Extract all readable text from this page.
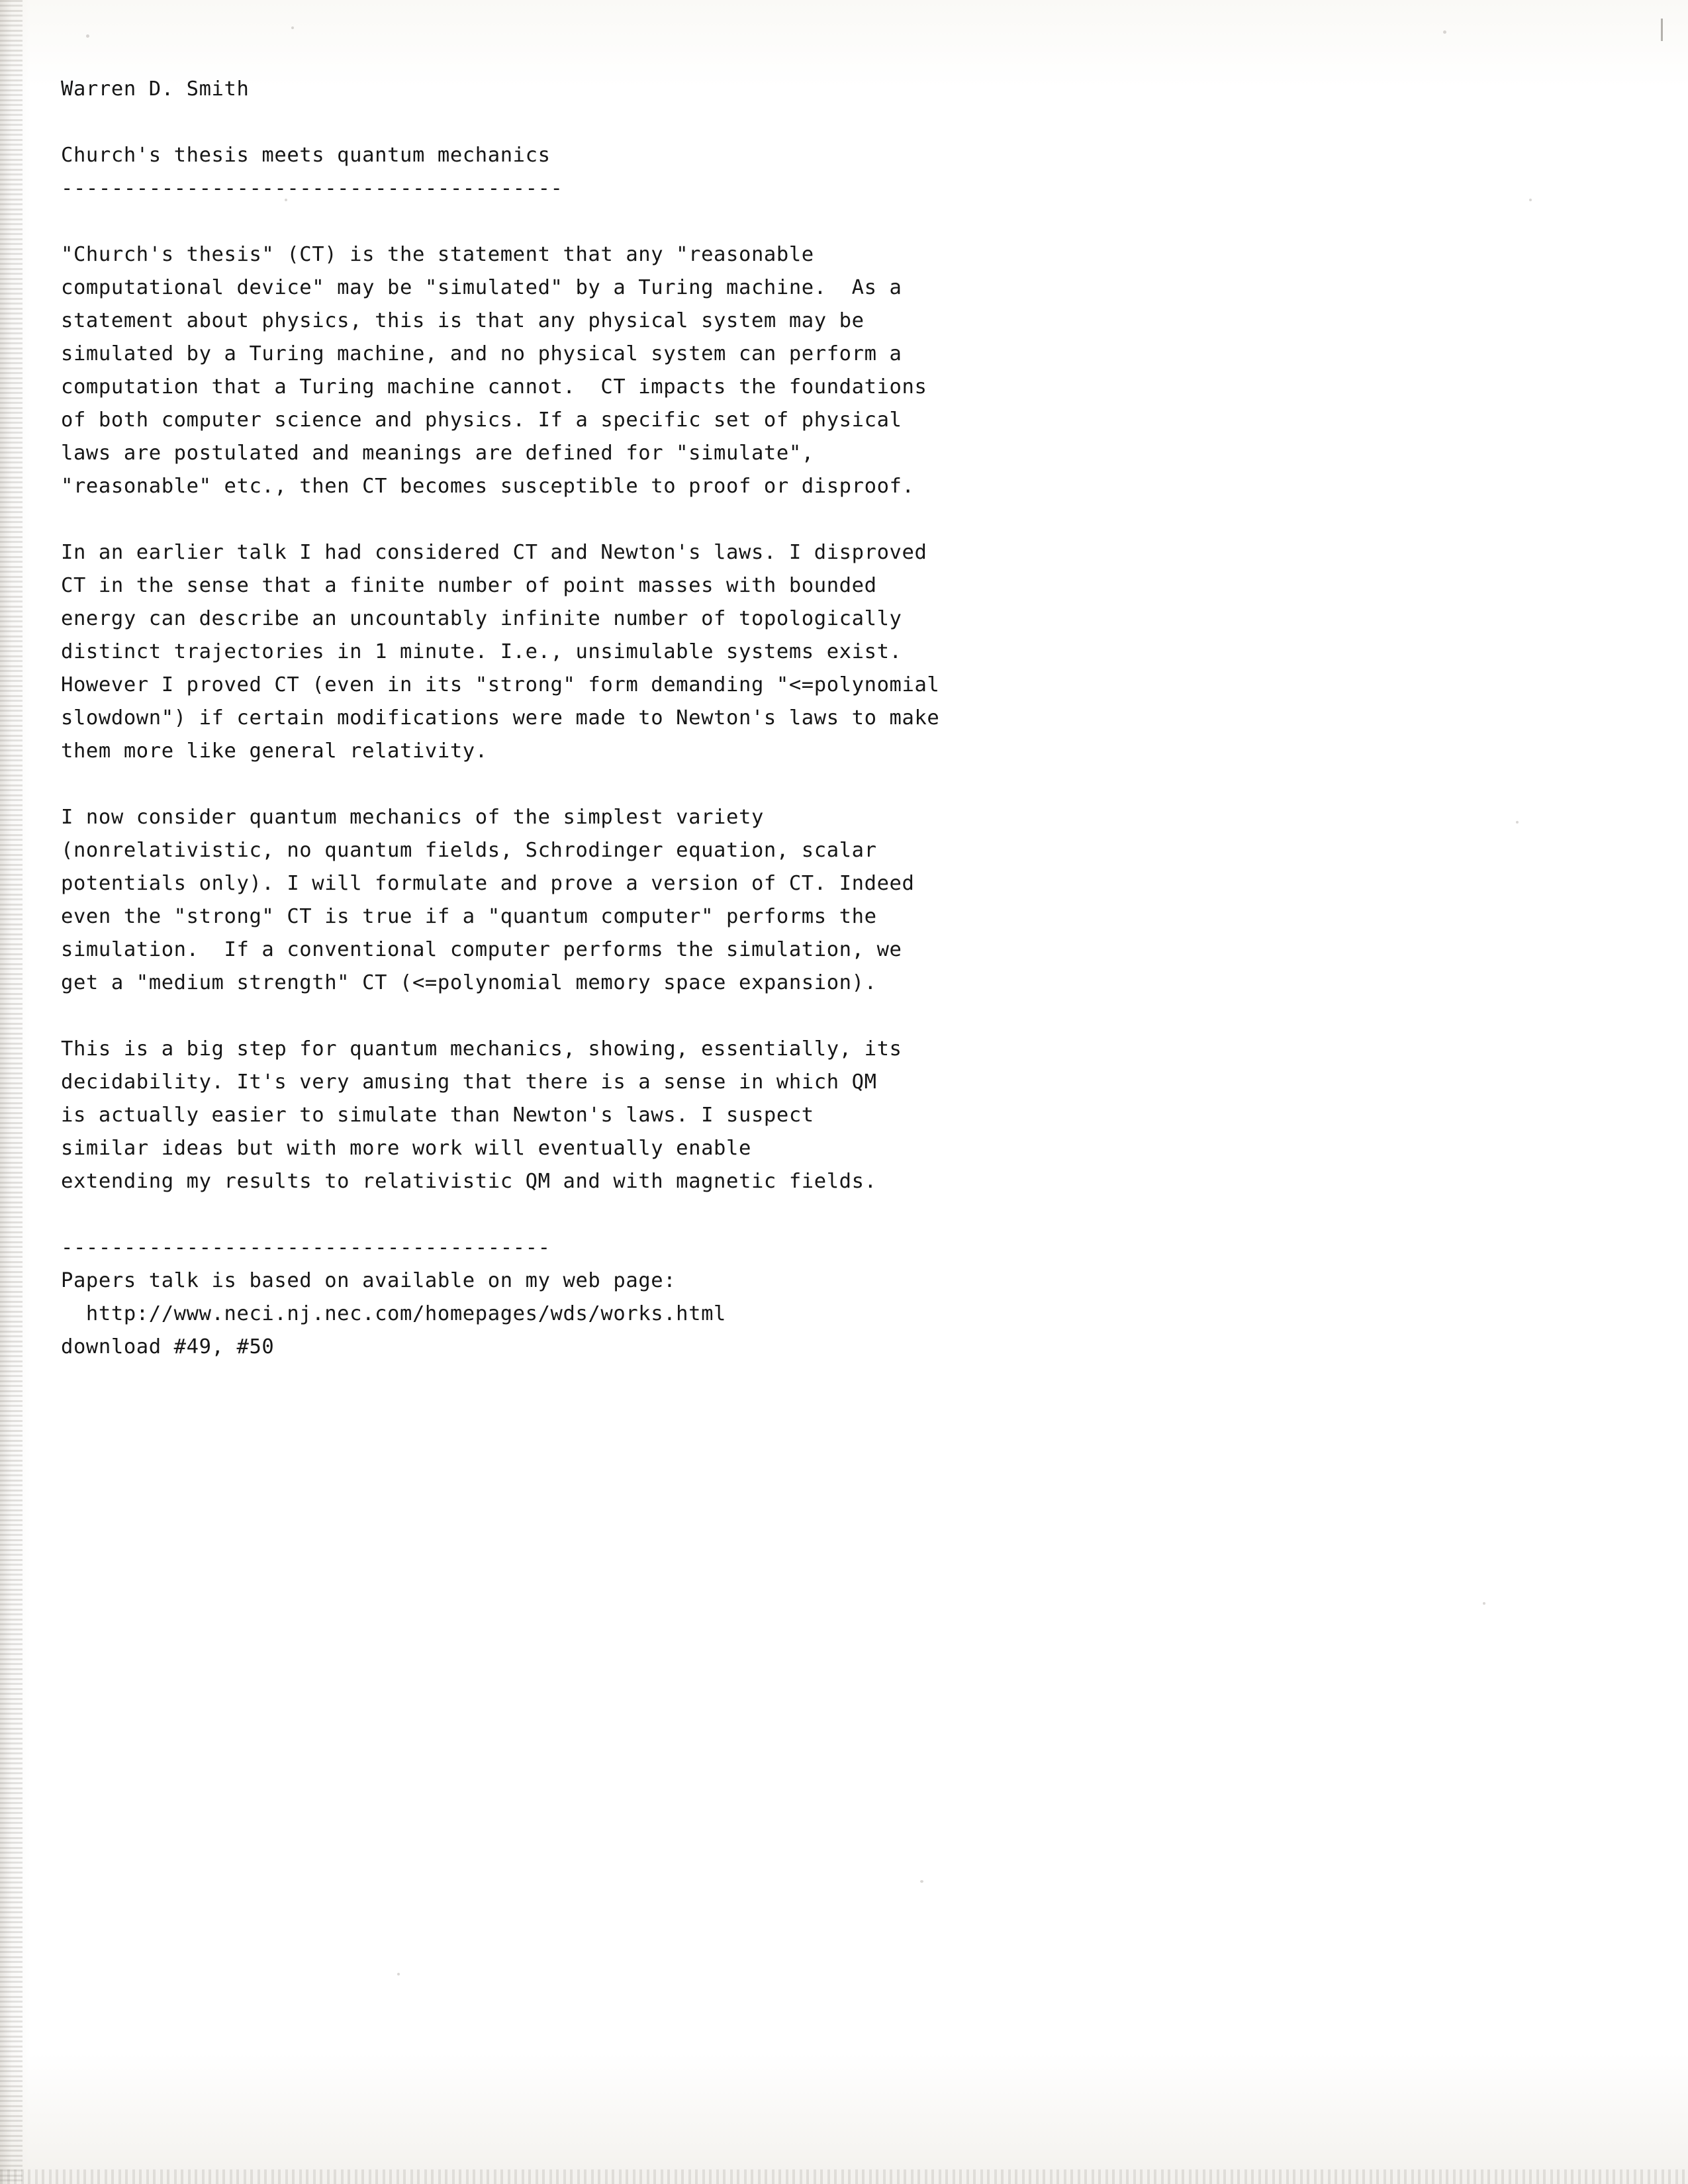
Warren D. Smith
Church's thesis meets quantum mechanics
----------------------------------------
"Church's thesis" (CT) is the statement that any "reasonable
computational device" may be "simulated" by a Turing machine.  As a
statement about physics, this is that any physical system may be
simulated by a Turing machine, and no physical system can perform a
computation that a Turing machine cannot.  CT impacts the foundations
of both computer science and physics. If a specific set of physical
laws are postulated and meanings are defined for "simulate",
"reasonable" etc., then CT becomes susceptible to proof or disproof.
In an earlier talk I had considered CT and Newton's laws. I disproved
CT in the sense that a finite number of point masses with bounded
energy can describe an uncountably infinite number of topologically
distinct trajectories in 1 minute. I.e., unsimulable systems exist.
However I proved CT (even in its "strong" form demanding "<=polynomial
slowdown") if certain modifications were made to Newton's laws to make
them more like general relativity.
I now consider quantum mechanics of the simplest variety
(nonrelativistic, no quantum fields, Schrodinger equation, scalar
potentials only). I will formulate and prove a version of CT. Indeed
even the "strong" CT is true if a "quantum computer" performs the
simulation.  If a conventional computer performs the simulation, we
get a "medium strength" CT (<=polynomial memory space expansion).
This is a big step for quantum mechanics, showing, essentially, its
decidability. It's very amusing that there is a sense in which QM
is actually easier to simulate than Newton's laws. I suspect
similar ideas but with more work will eventually enable
extending my results to relativistic QM and with magnetic fields.
---------------------------------------
Papers talk is based on available on my web page:
http://www.neci.nj.nec.com/homepages/wds/works.html
download #49, #50
